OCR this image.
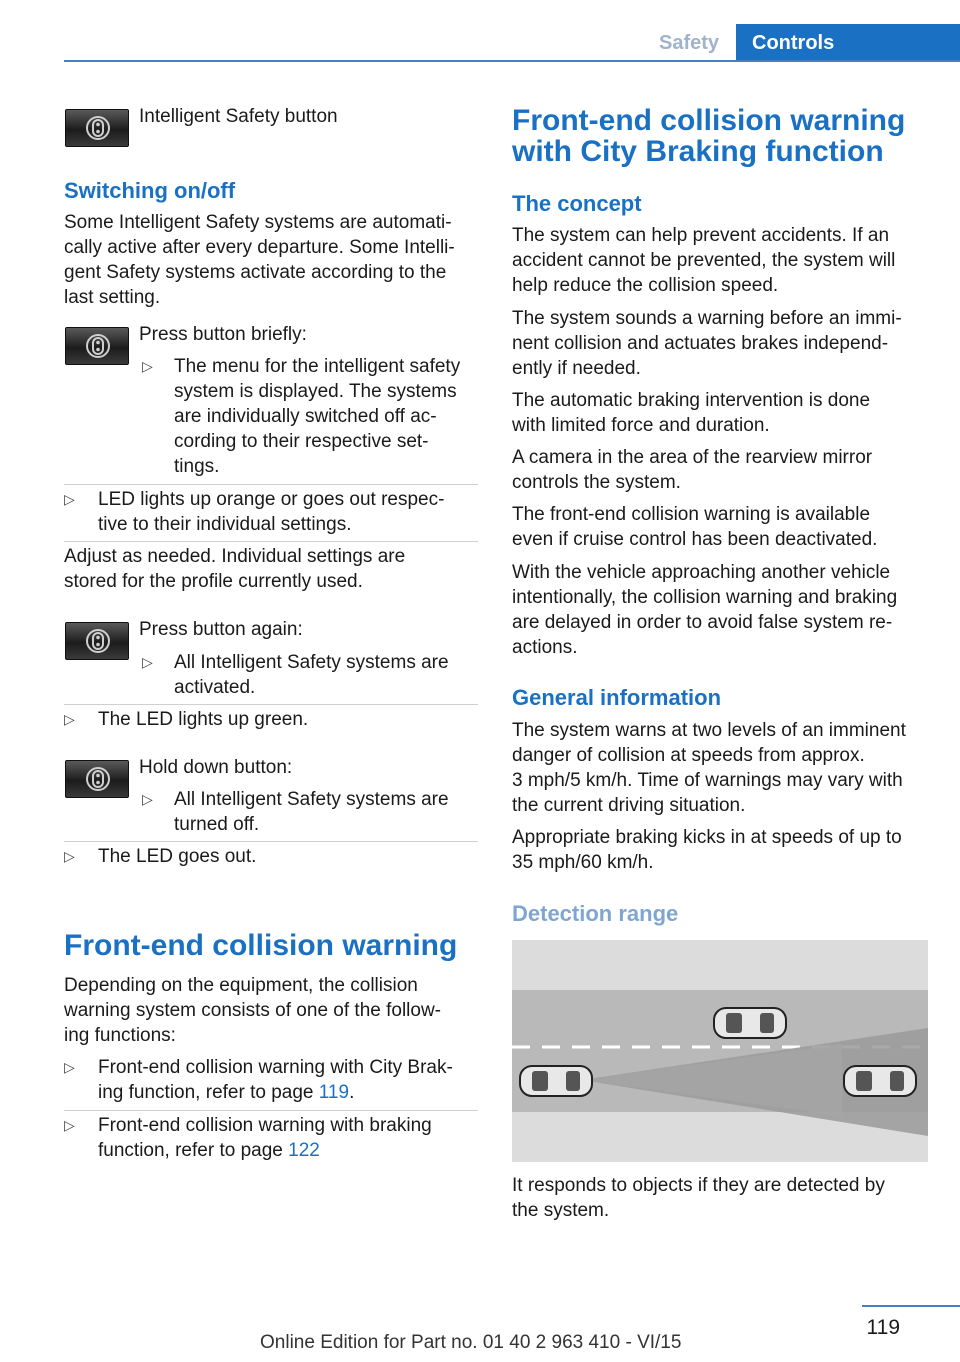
Safety	Controls

Intelligent Safety button

Switching on/off

Some Intelligent Safety systems are automati-

cally active after every departure. Some Intelli-

gent Safety systems activate according to the

last setting.

Press button briefly:

▷ The menu for the intelligent safety
system is displayed. The systems
are individually switched off ac-
cording to their respective set-
tings.
▷ LED lights up orange or goes out respec-
tive to their individual settings.

Adjust as needed. Individual settings are

stored for the profile currently used.

Press button again:

▷ All Intelligent Safety systems are
activated.
▷ The LED lights up green.

Hold down button:

▷ All Intelligent Safety systems are
turned off.
▷ The LED goes out.

Front-end collision warning

Depending on the equipment, the collision

warning system consists of one of the follow-

ing functions:

▷ Front-end collision warning with City Brak-
ing function, refer to page 119.
▷ Front-end collision warning with braking
function, refer to page 122

Front-end collision warning

with City Braking function

The concept

The system can help prevent accidents. If an

accident cannot be prevented, the system will

help reduce the collision speed.

The system sounds a warning before an immi-

nent collision and actuates brakes independ-

ently if needed.

The automatic braking intervention is done

with limited force and duration.

A camera in the area of the rearview mirror

controls the system.

The front-end collision warning is available

even if cruise control has been deactivated.

With the vehicle approaching another vehicle

intentionally, the collision warning and braking

are delayed in order to avoid false system re-

actions.

General information

The system warns at two levels of an imminent

danger of collision at speeds from approx.

3 mph/5 km/h. Time of warnings may vary with

the current driving situation.

Appropriate braking kicks in at speeds of up to

35 mph/60 km/h.

Detection range

It responds to objects if they are detected by

the system.

119
Online Edition for Part no. 01 40 2 963 410 - VI/15
